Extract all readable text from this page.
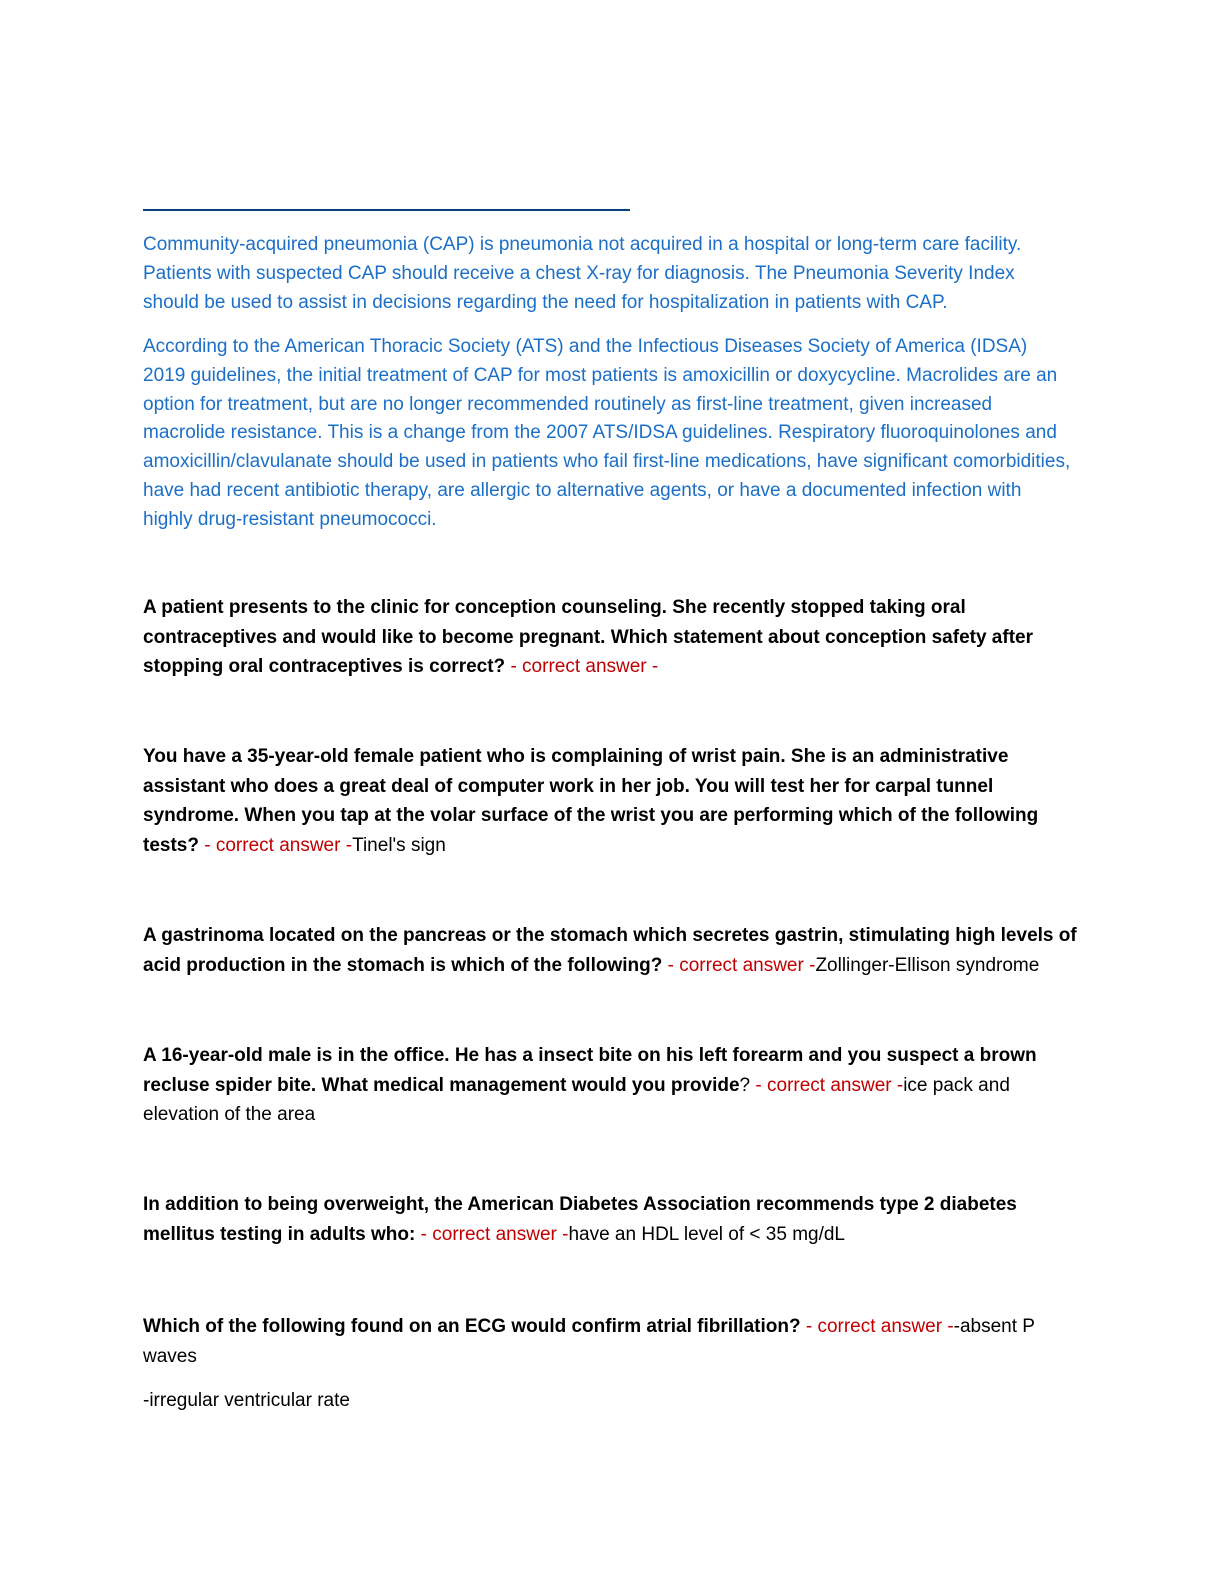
Community-acquired pneumonia (CAP) is pneumonia not acquired in a hospital or long-term care facility. Patients with suspected CAP should receive a chest X-ray for diagnosis. The Pneumonia Severity Index should be used to assist in decisions regarding the need for hospitalization in patients with CAP.

According to the American Thoracic Society (ATS) and the Infectious Diseases Society of America (IDSA) 2019 guidelines, the initial treatment of CAP for most patients is amoxicillin or doxycycline. Macrolides are an option for treatment, but are no longer recommended routinely as first-line treatment, given increased macrolide resistance. This is a change from the 2007 ATS/IDSA guidelines. Respiratory fluoroquinolones and amoxicillin/clavulanate should be used in patients who fail first-line medications, have significant comorbidities, have had recent antibiotic therapy, are allergic to alternative agents, or have a documented infection with highly drug-resistant pneumococci.

A patient presents to the clinic for conception counseling. She recently stopped taking oral contraceptives and would like to become pregnant. Which statement about conception safety after stopping oral contraceptives is correct? - correct answer -

You have a 35-year-old female patient who is complaining of wrist pain. She is an administrative assistant who does a great deal of computer work in her job. You will test her for carpal tunnel syndrome. When you tap at the volar surface of the wrist you are performing which of the following tests? - correct answer -Tinel's sign

A gastrinoma located on the pancreas or the stomach which secretes gastrin, stimulating high levels of acid production in the stomach is which of the following? - correct answer -Zollinger-Ellison syndrome

A 16-year-old male is in the office. He has a insect bite on his left forearm and you suspect a brown recluse spider bite. What medical management would you provide? - correct answer -ice pack and elevation of the area

In addition to being overweight, the American Diabetes Association recommends type 2 diabetes mellitus testing in adults who: - correct answer -have an HDL level of < 35 mg/dL

Which of the following found on an ECG would confirm atrial fibrillation? - correct answer --absent P waves

-irregular ventricular rate
